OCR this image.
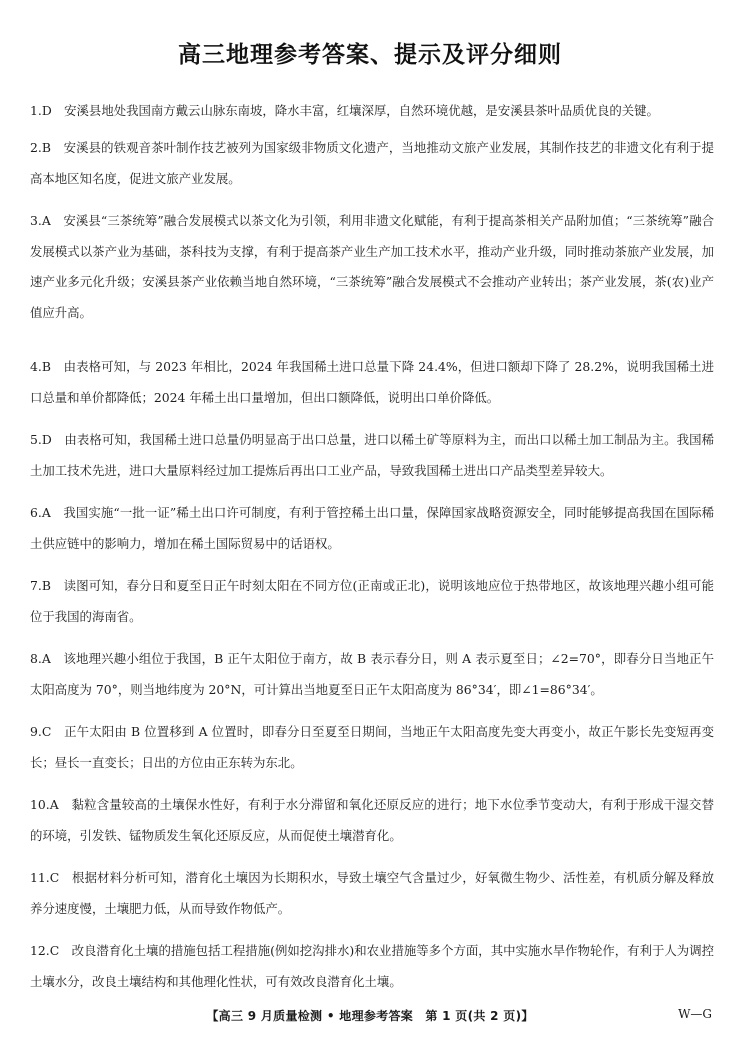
高三地理参考答案、提示及评分细则
1.D　 安溪县地处我国南方戴云山脉东南坡，降水丰富，红壤深厚，自然环境优越，是安溪县茶叶品质优良的关键。
2.B　 安溪县的铁观音茶叶制作技艺被列为国家级非物质文化遗产，当地推动文旅产业发展，其制作技艺的非遗文化有利于提高本地区知名度，促进文旅产业发展。
3.A　 安溪县“三茶统筹”融合发展模式以茶文化为引领，利用非遗文化赋能，有利于提高茶相关产品附加值；“三茶统筹”融合发展模式以茶产业为基础，茶科技为支撑，有利于提高茶产业生产加工技术水平，推动产业升级，同时推动茶旅产业发展，加速产业多元化升级；安溪县茶产业依赖当地自然环境，“三茶统筹”融合发展模式不会推动产业转出；茶产业发展，茶(农)业产值应升高。
4.B　 由表格可知，与 2023 年相比，2024 年我国稀土进口总量下降 24.4%，但进口额却下降了 28.2%，说明我国稀土进口总量和单价都降低；2024 年稀土出口量增加，但出口额降低，说明出口单价降低。
5.D　 由表格可知，我国稀土进口总量仍明显高于出口总量，进口以稀土矿等原料为主，而出口以稀土加工制品为主。我国稀土加工技术先进，进口大量原料经过加工提炼后再出口工业产品，导致我国稀土进出口产品类型差异较大。
6.A　 我国实施“一批一证”稀土出口许可制度，有利于管控稀土出口量，保障国家战略资源安全，同时能够提高我国在国际稀土供应链中的影响力，增加在稀土国际贸易中的话语权。
7.B　 读图可知，春分日和夏至日正午时刻太阳在不同方位(正南或正北)，说明该地应位于热带地区，故该地理兴趣小组可能位于我国的海南省。
8.A　 该地理兴趣小组位于我国，B 正午太阳位于南方，故 B 表示春分日，则 A 表示夏至日；∠2=70°，即春分日当地正午太阳高度为 70°，则当地纬度为 20°N，可计算出当地夏至日正午太阳高度为 86°34′，即∠1=86°34′。
9.C　 正午太阳由 B 位置移到 A 位置时，即春分日至夏至日期间，当地正午太阳高度先变大再变小，故正午影长先变短再变长；昼长一直变长；日出的方位由正东转为东北。
10.A　 黏粒含量较高的土壤保水性好，有利于水分滞留和氧化还原反应的进行；地下水位季节变动大，有利于形成干湿交替的环境，引发铁、锰物质发生氧化还原反应，从而促使土壤潜育化。
11.C　 根据材料分析可知，潜育化土壤因为长期积水，导致土壤空气含量过少，好氧微生物少、活性差，有机质分解及释放养分速度慢，土壤肥力低，从而导致作物低产。
12.C　 改良潜育化土壤的措施包括工程措施(例如挖沟排水)和农业措施等多个方面，其中实施水旱作物轮作，有利于人为调控土壤水分，改良土壤结构和其他理化性状，可有效改良潜育化土壤。
【高三 9 月质量检测 • 地理参考答案　第 1 页(共 2 页)】	W—G
